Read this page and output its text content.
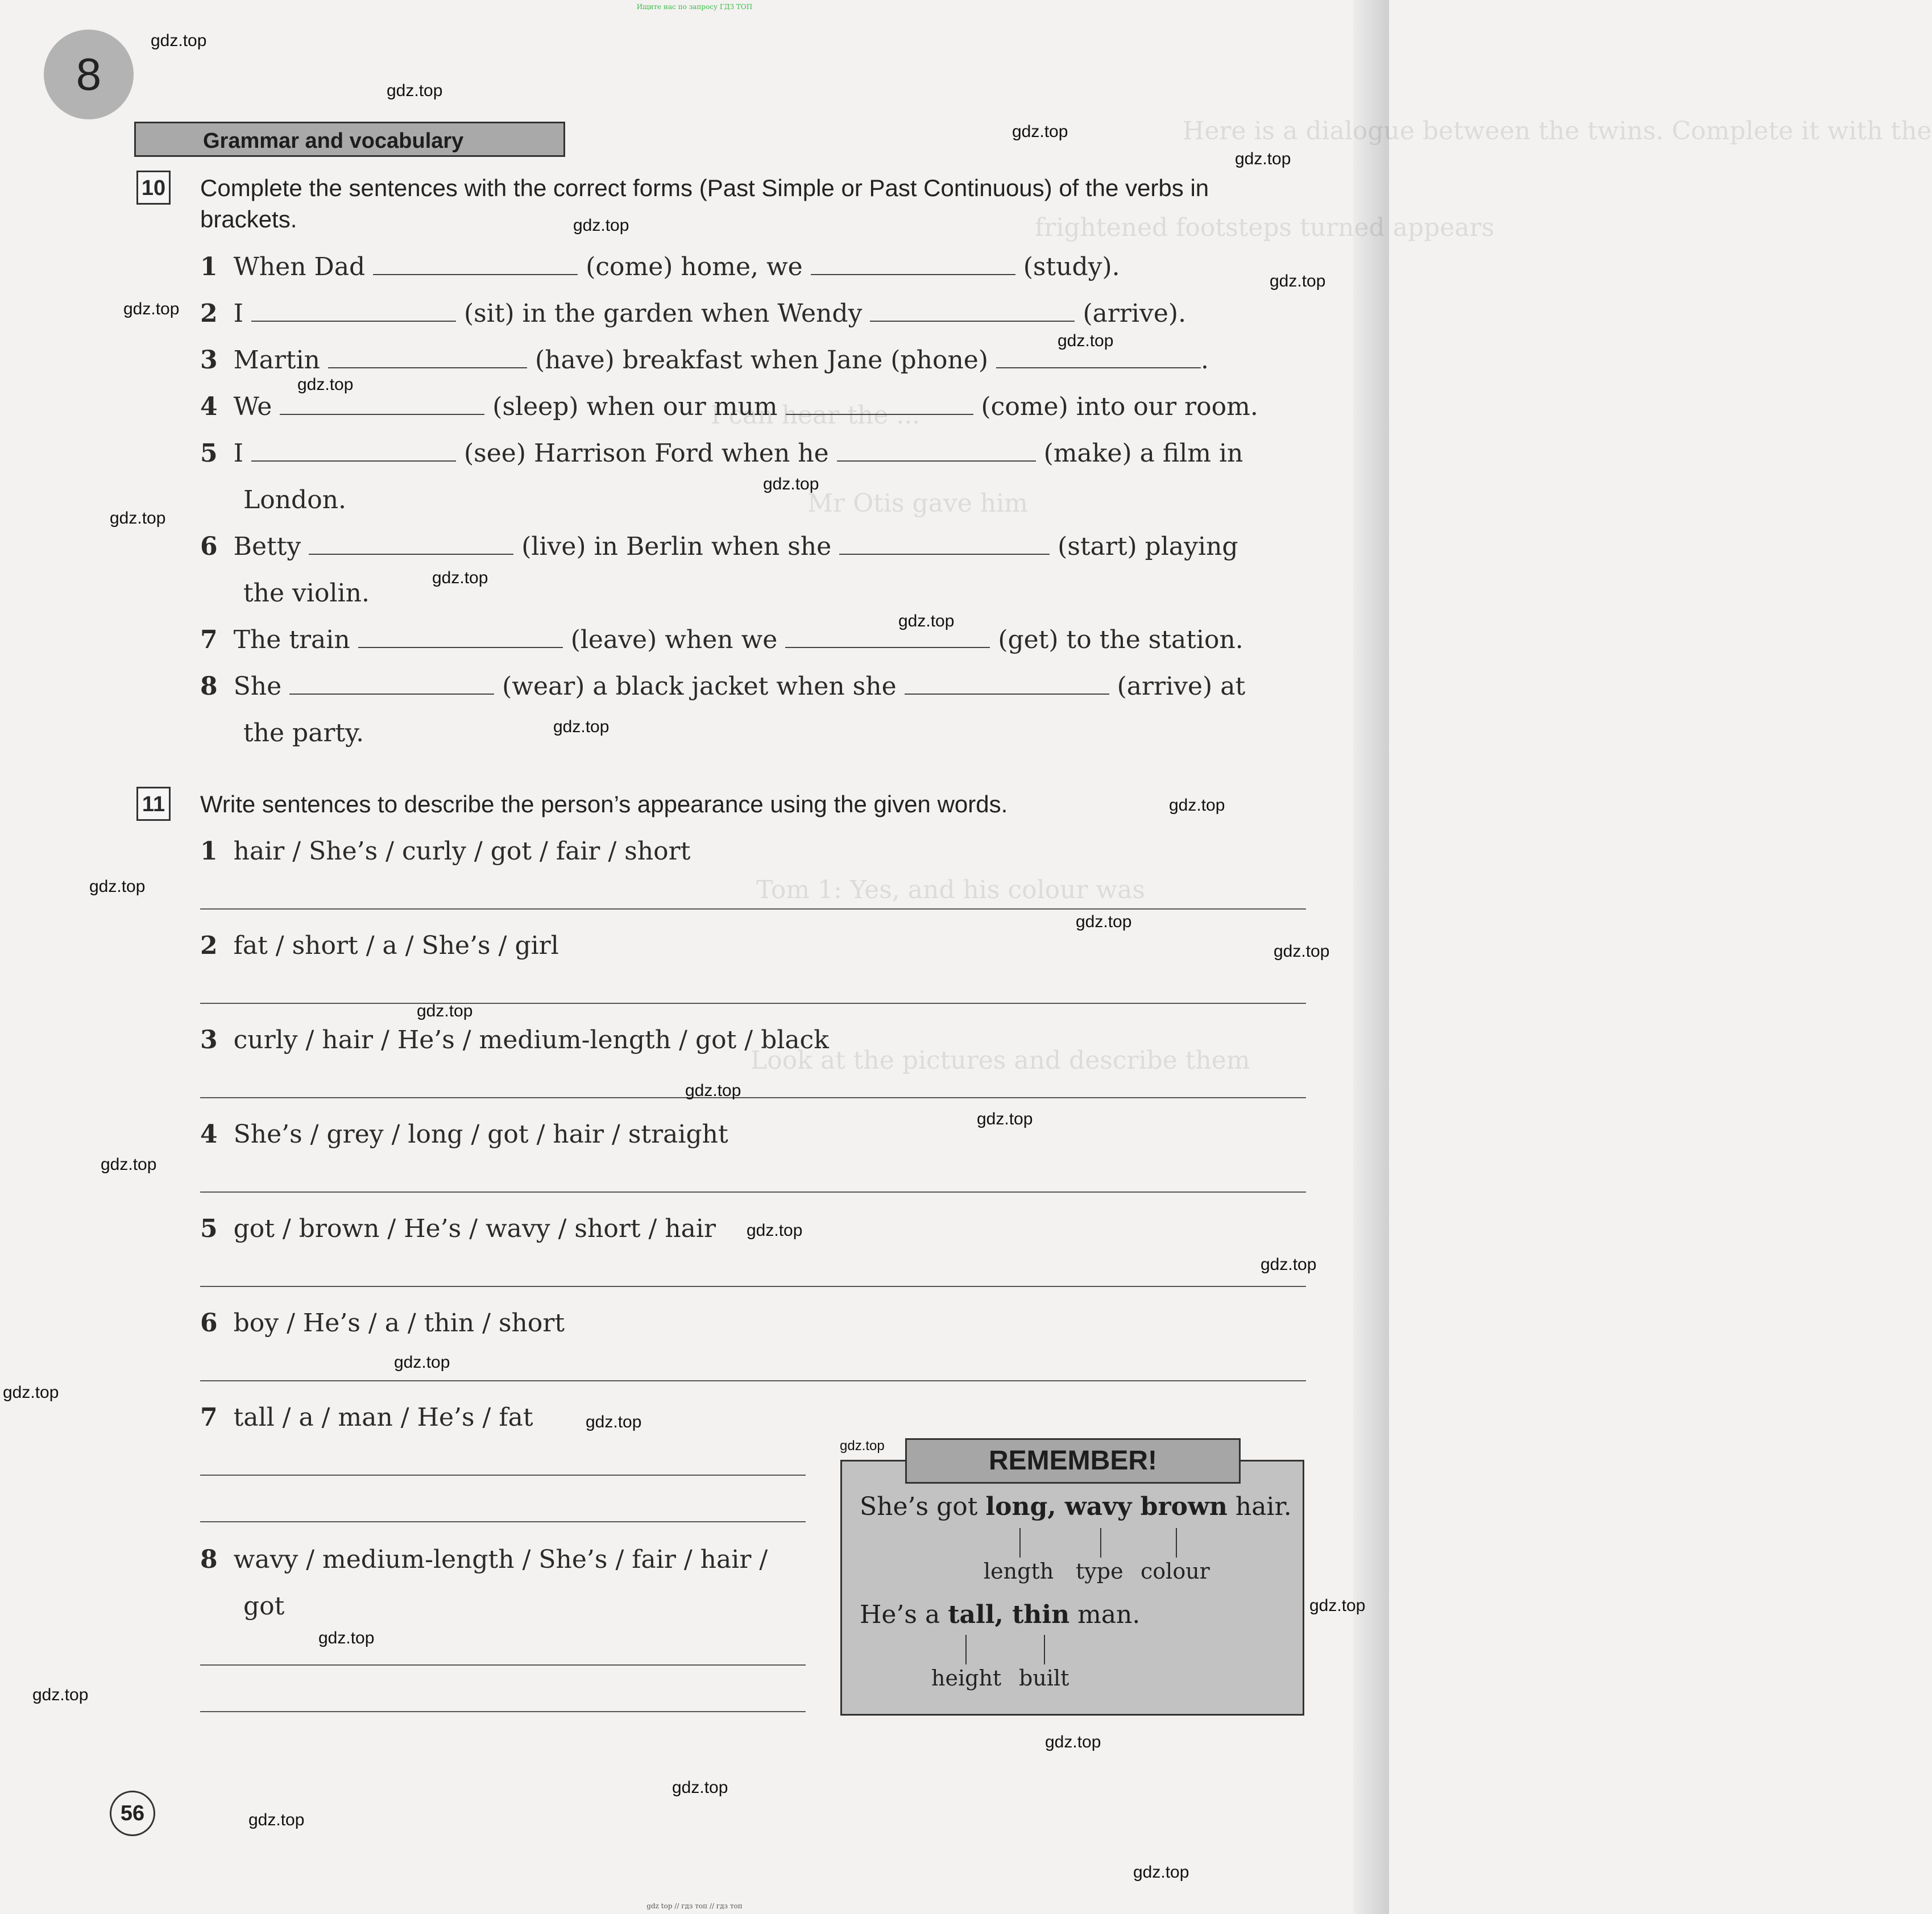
Here is a dialogue between the twins. Complete it with the
frightened footsteps turned appears
Mr Otis gave him
I can hear the ...
Tom 1: Yes, and his colour was
Look at the pictures and describe them
Ищите нас по запросу ГДЗ ТОП
8
Grammar and vocabulary
10 Complete the sentences with the correct forms (Past Simple or Past Continuous) of the verbs in
brackets.
1 When Dad	(come) home, we	(study).
2 I	(sit) in the garden when Wendy	(arrive).
3 Martin	(have) breakfast when Jane (phone)	.
4 We	(sleep) when our mum	(come) into our room.
5 I	(see) Harrison Ford when he	(make) a film in
London.
6 Betty	(live) in Berlin when she	(start) playing
the violin.
7 The train	(leave) when we	(get) to the station.
8 She	(wear) a black jacket when she	(arrive) at
the party.
11 Write sentences to describe the person’s appearance using the given words.
1 hair / She’s / curly / got / fair / short
2 fat / short / a / She’s / girl
3 curly / hair / He’s / medium-length / got / black
4 She’s / grey / long / got / hair / straight
5 got / brown / He’s / wavy / short / hair
6 boy / He’s / a / thin / short
7 tall / a / man / He’s / fat
8 wavy / medium-length / She’s / fair / hair /
got
REMEMBER!
She’s got long, wavy brown hair.
length type colour
He’s a tall, thin man.
height built
56
gdz.top
gdz.top
gdz.top
gdz.top
gdz.top
gdz.top
gdz.top
gdz.top
gdz.top
gdz.top
gdz.top
gdz.top
gdz.top
gdz.top
gdz.top
gdz.top
gdz.top
gdz.top
gdz.top
gdz.top
gdz.top
gdz.top
gdz.top
gdz.top
gdz.top
gdz.top
gdz.top
gdz.top
gdz.top
gdz.top
gdz.top
gdz.top
gdz.top
gdz.top
gdz.top
gdz top // гдз топ // гдз топ
